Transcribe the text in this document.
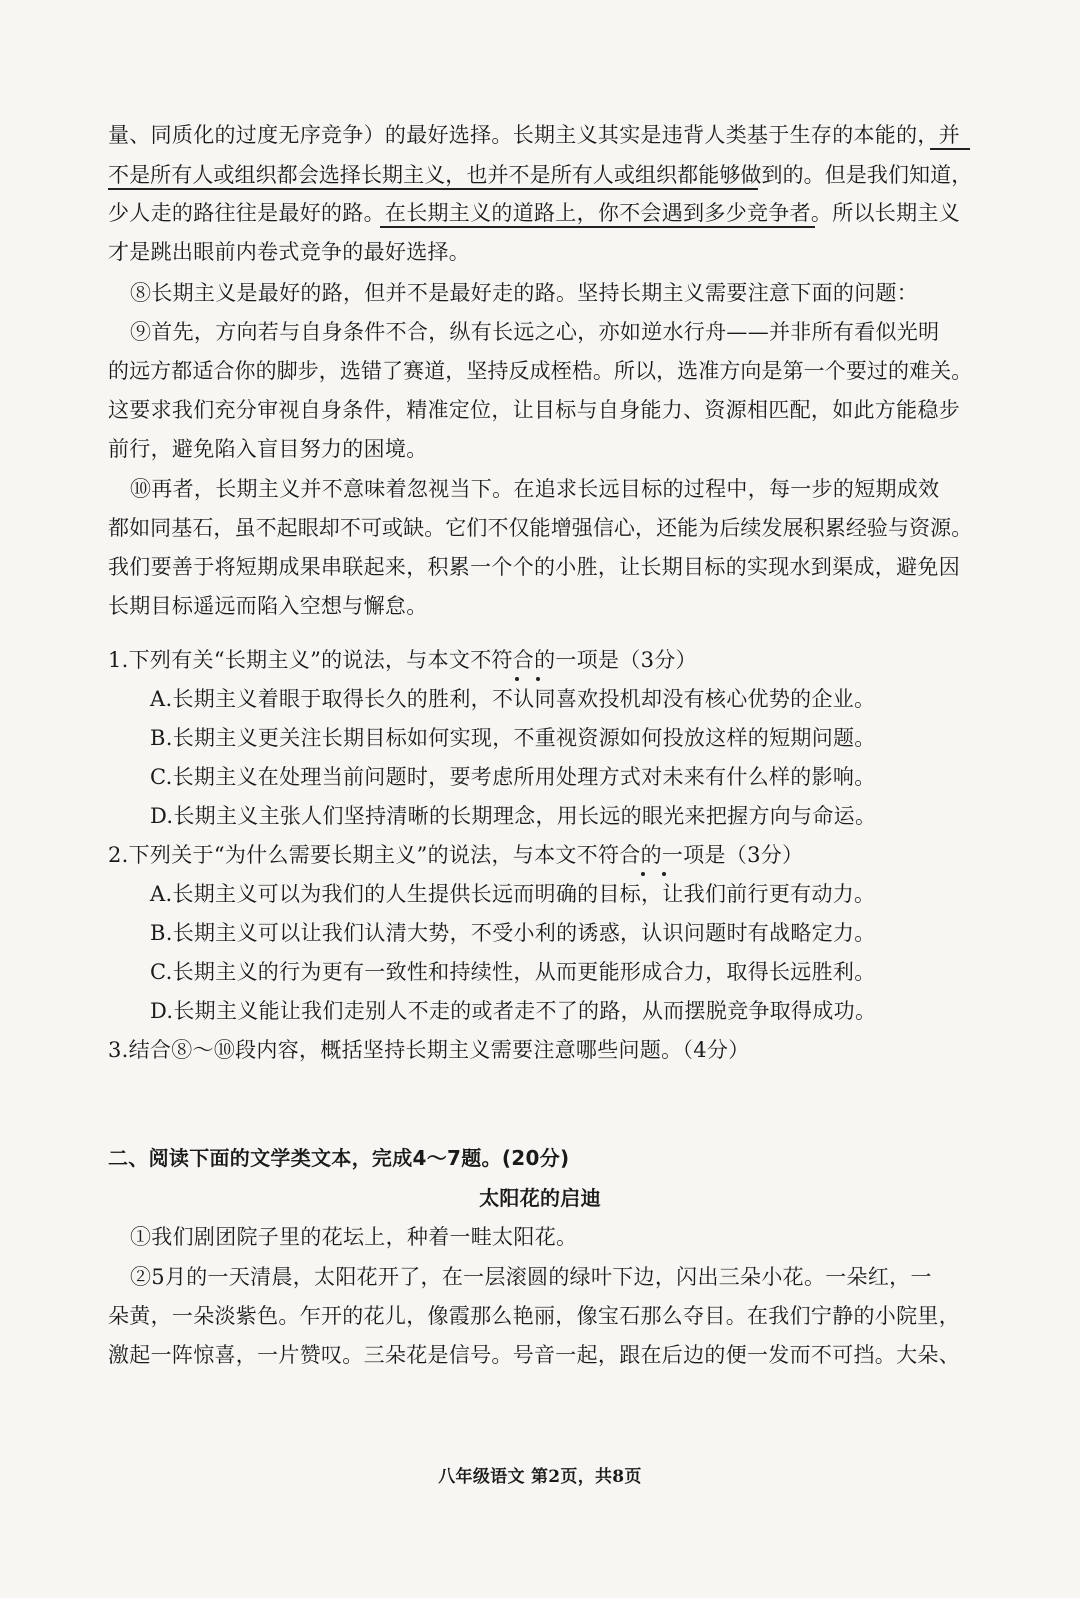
量、同质化的过度无序竞争）的最好选择。长期主义其实是违背人类基于生存的本能的，并
不是所有人或组织都会选择长期主义，也并不是所有人或组织都能够做到的。但是我们知道，
少人走的路往往是最好的路。在长期主义的道路上，你不会遇到多少竞争者。所以长期主义
才是跳出眼前内卷式竞争的最好选择。
⑧长期主义是最好的路，但并不是最好走的路。坚持长期主义需要注意下面的问题：
⑨首先，方向若与自身条件不合，纵有长远之心，亦如逆水行舟——并非所有看似光明
的远方都适合你的脚步，选错了赛道，坚持反成桎梏。所以，选准方向是第一个要过的难关。
这要求我们充分审视自身条件，精准定位，让目标与自身能力、资源相匹配，如此方能稳步
前行，避免陷入盲目努力的困境。
⑩再者，长期主义并不意味着忽视当下。在追求长远目标的过程中，每一步的短期成效
都如同基石，虽不起眼却不可或缺。它们不仅能增强信心，还能为后续发展积累经验与资源。
我们要善于将短期成果串联起来，积累一个个的小胜，让长期目标的实现水到渠成，避免因
长期目标遥远而陷入空想与懈怠。
1.下列有关“长期主义”的说法，与本文不符合的一项是（3分）
A.长期主义着眼于取得长久的胜利，不认同喜欢投机却没有核心优势的企业。
B.长期主义更关注长期目标如何实现，不重视资源如何投放这样的短期问题。
C.长期主义在处理当前问题时，要考虑所用处理方式对未来有什么样的影响。
D.长期主义主张人们坚持清晰的长期理念，用长远的眼光来把握方向与命运。
2.下列关于“为什么需要长期主义”的说法，与本文不符合的一项是（3分）
A.长期主义可以为我们的人生提供长远而明确的目标，让我们前行更有动力。
B.长期主义可以让我们认清大势，不受小利的诱惑，认识问题时有战略定力。
C.长期主义的行为更有一致性和持续性，从而更能形成合力，取得长远胜利。
D.长期主义能让我们走别人不走的或者走不了的路，从而摆脱竞争取得成功。
3.结合⑧～⑩段内容，概括坚持长期主义需要注意哪些问题。（4分）
二、阅读下面的文学类文本，完成4～7题。(20分)
太阳花的启迪
①我们剧团院子里的花坛上，种着一畦太阳花。
②5月的一天清晨，太阳花开了，在一层滚圆的绿叶下边，闪出三朵小花。一朵红，一
朵黄，一朵淡紫色。乍开的花儿，像霞那么艳丽，像宝石那么夺目。在我们宁静的小院里，
激起一阵惊喜，一片赞叹。三朵花是信号。号音一起，跟在后边的便一发而不可挡。大朵、
八年级语文 第2页，共8页
